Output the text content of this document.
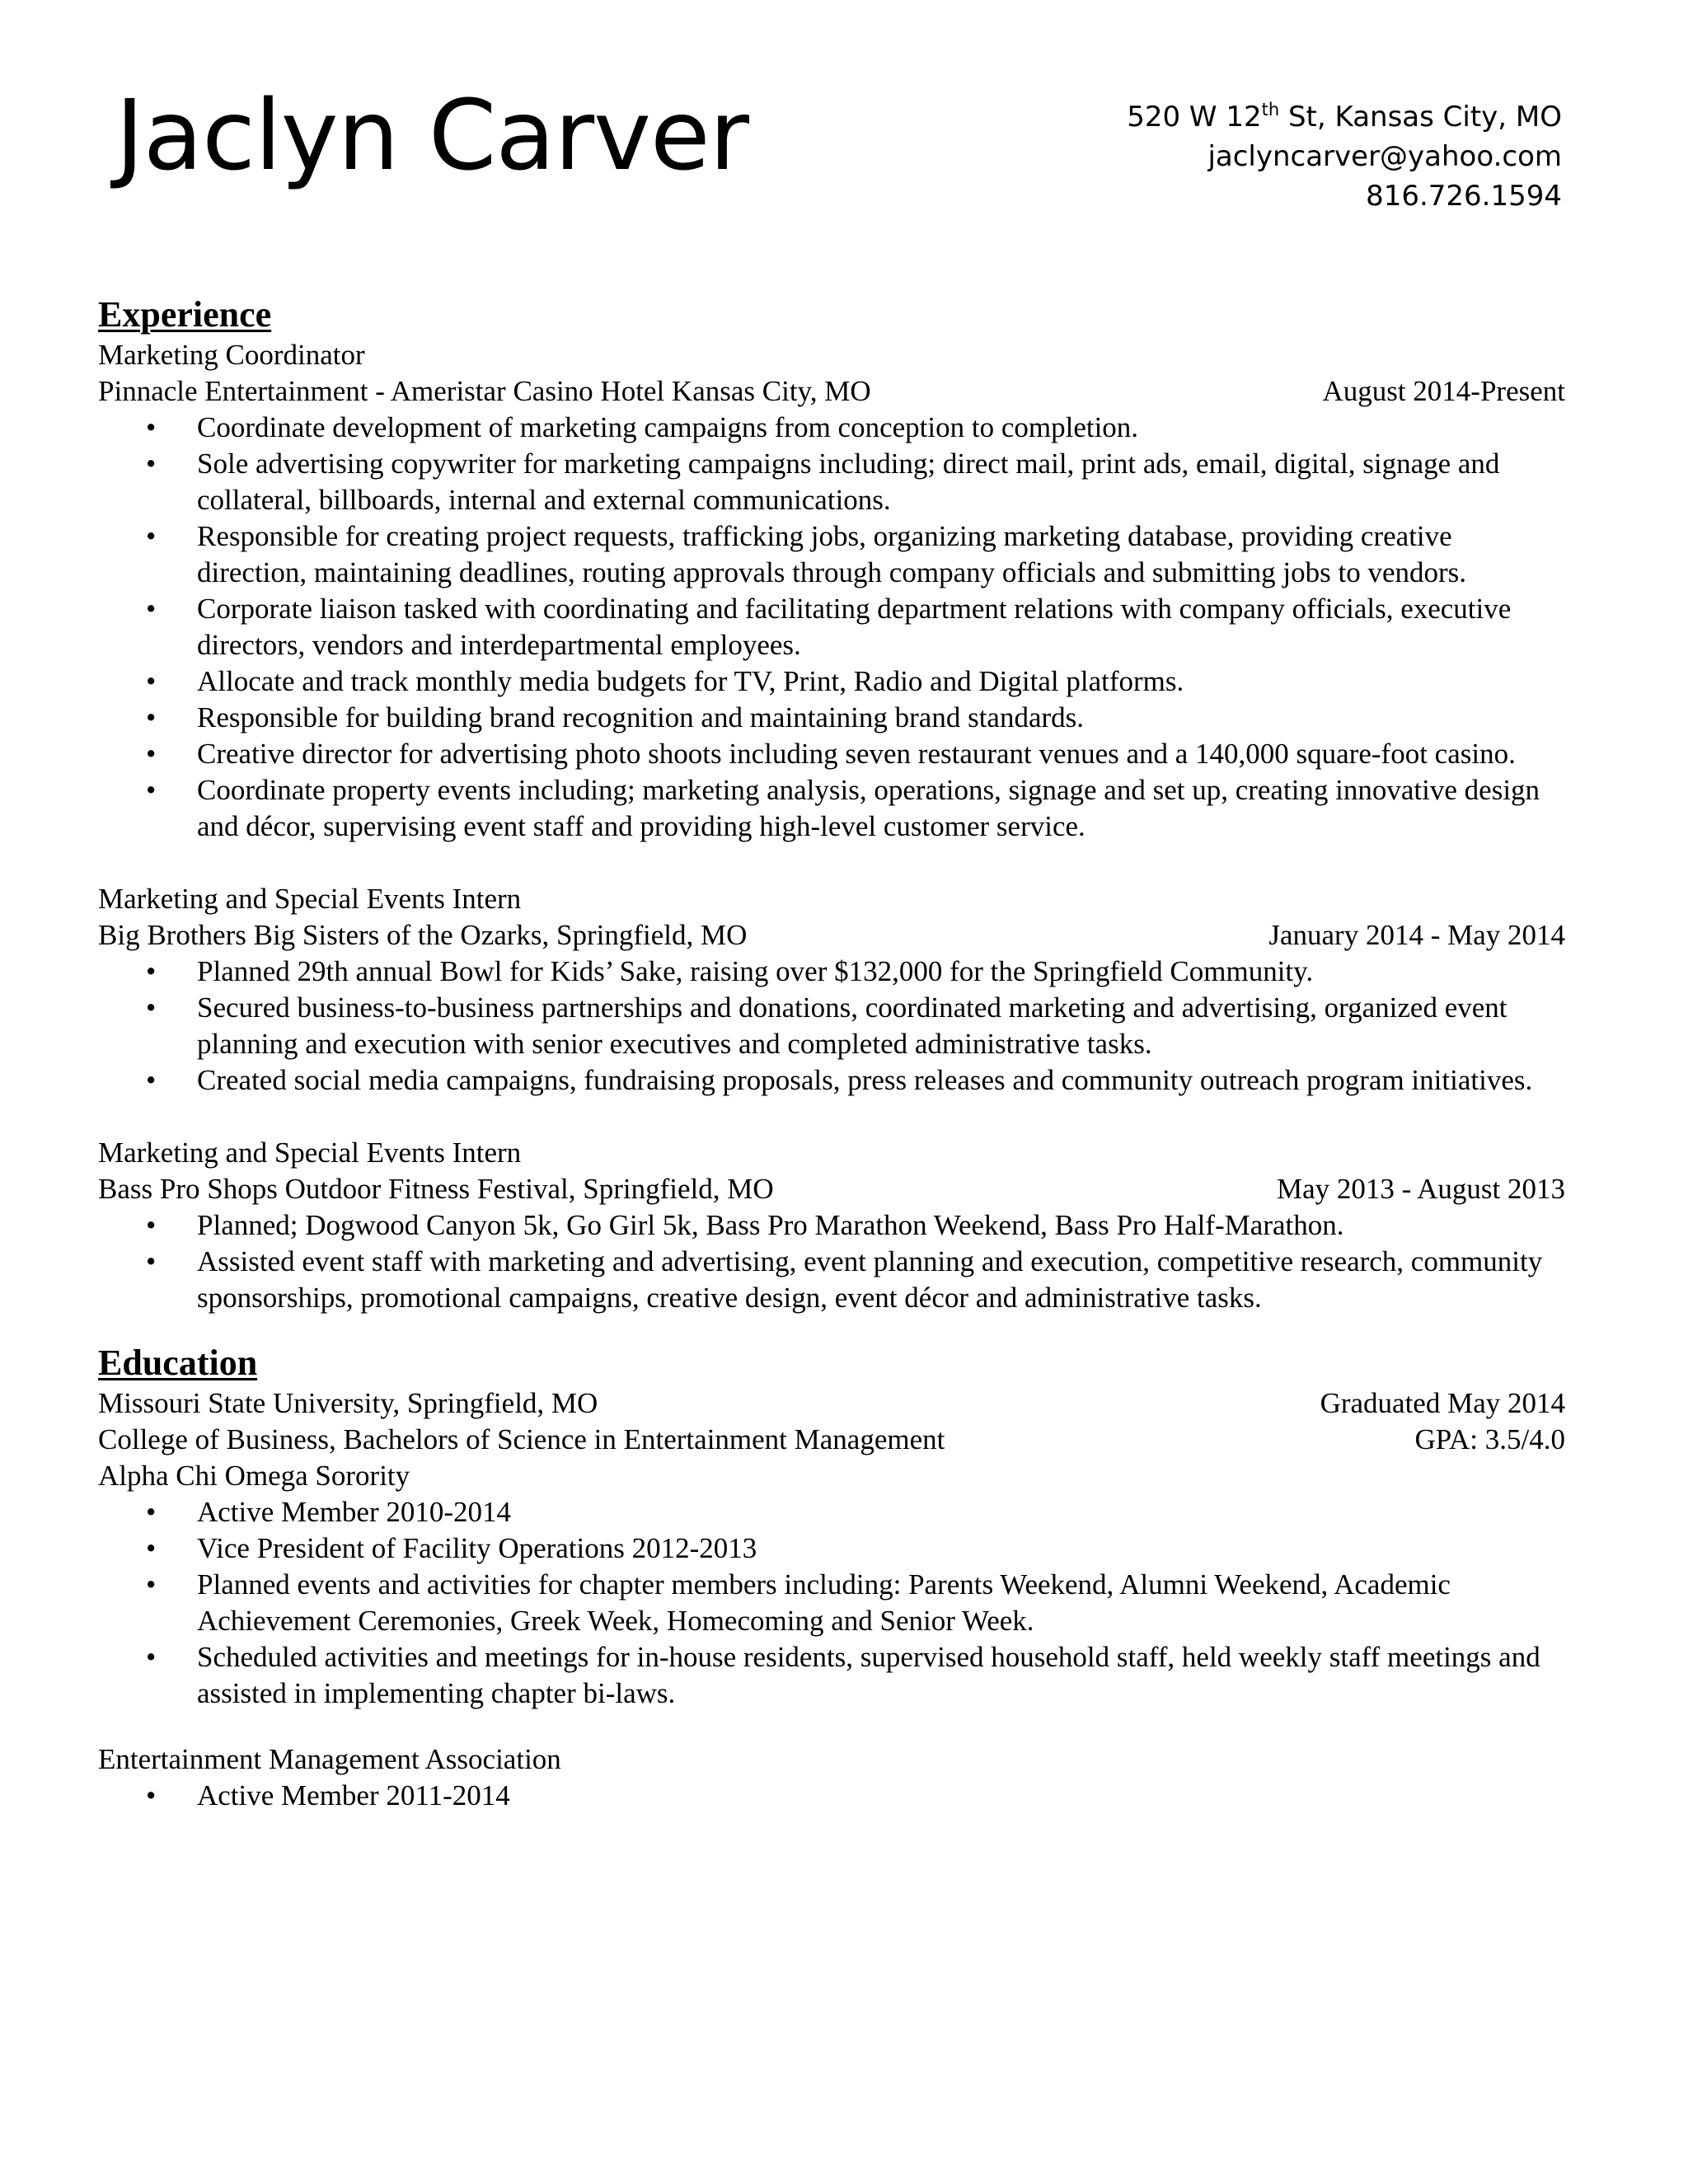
Jaclyn Carver	520 W 12th St, Kansas City, MO
jaclyncarver@yahoo.com
816.726.1594
Experience
Marketing Coordinator
Pinnacle Entertainment - Ameristar Casino Hotel Kansas City, MO	August 2014-Present
• Coordinate development of marketing campaigns from conception to completion.
• Sole advertising copywriter for marketing campaigns including; direct mail, print ads, email, digital, signage and collateral, billboards, internal and external communications.
• Responsible for creating project requests, trafficking jobs, organizing marketing database, providing creative direction, maintaining deadlines, routing approvals through company officials and submitting jobs to vendors.
• Corporate liaison tasked with coordinating and facilitating department relations with company officials, executive directors, vendors and interdepartmental employees.
• Allocate and track monthly media budgets for TV, Print, Radio and Digital platforms.
• Responsible for building brand recognition and maintaining brand standards.
• Creative director for advertising photo shoots including seven restaurant venues and a 140,000 square-foot casino.
• Coordinate property events including; marketing analysis, operations, signage and set up, creating innovative design and décor, supervising event staff and providing high-level customer service.
Marketing and Special Events Intern
Big Brothers Big Sisters of the Ozarks, Springfield, MO	January 2014 - May 2014
• Planned 29th annual Bowl for Kids’ Sake, raising over $132,000 for the Springfield Community.
• Secured business-to-business partnerships and donations, coordinated marketing and advertising, organized event planning and execution with senior executives and completed administrative tasks.
• Created social media campaigns, fundraising proposals, press releases and community outreach program initiatives.
Marketing and Special Events Intern
Bass Pro Shops Outdoor Fitness Festival, Springfield, MO	May 2013 - August 2013
• Planned; Dogwood Canyon 5k, Go Girl 5k, Bass Pro Marathon Weekend, Bass Pro Half-Marathon.
• Assisted event staff with marketing and advertising, event planning and execution, competitive research, community sponsorships, promotional campaigns, creative design, event décor and administrative tasks.
Education
Missouri State University, Springfield, MO	Graduated May 2014
College of Business, Bachelors of Science in Entertainment Management	GPA: 3.5/4.0
Alpha Chi Omega Sorority
• Active Member 2010-2014
• Vice President of Facility Operations 2012-2013
• Planned events and activities for chapter members including: Parents Weekend, Alumni Weekend, Academic Achievement Ceremonies, Greek Week, Homecoming and Senior Week.
• Scheduled activities and meetings for in-house residents, supervised household staff, held weekly staff meetings and assisted in implementing chapter bi-laws.
Entertainment Management Association
• Active Member 2011-2014
